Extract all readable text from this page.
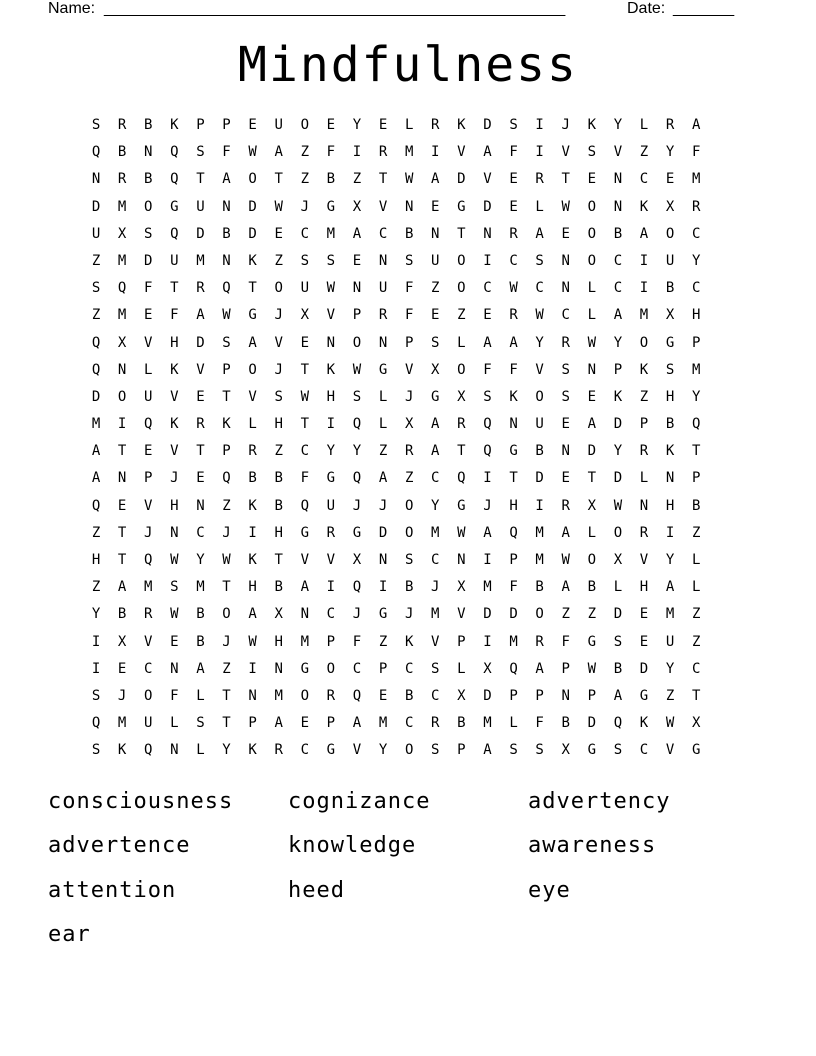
Name: _____________________________________________________	Date: _______
Mindfulness
S	R	B	K	P	P	E	U	O	E	Y	E	L	R	K	D	S	I	J	K	Y	L	R	A
Q	B	N	Q	S	F	W	A	Z	F	I	R	M	I	V	A	F	I	V	S	V	Z	Y	F
N	R	B	Q	T	A	O	T	Z	B	Z	T	W	A	D	V	E	R	T	E	N	C	E	M
D	M	O	G	U	N	D	W	J	G	X	V	N	E	G	D	E	L	W	O	N	K	X	R
U	X	S	Q	D	B	D	E	C	M	A	C	B	N	T	N	R	A	E	O	B	A	O	C
Z	M	D	U	M	N	K	Z	S	S	E	N	S	U	O	I	C	S	N	O	C	I	U	Y
S	Q	F	T	R	Q	T	O	U	W	N	U	F	Z	O	C	W	C	N	L	C	I	B	C
Z	M	E	F	A	W	G	J	X	V	P	R	F	E	Z	E	R	W	C	L	A	M	X	H
Q	X	V	H	D	S	A	V	E	N	O	N	P	S	L	A	A	Y	R	W	Y	O	G	P
Q	N	L	K	V	P	O	J	T	K	W	G	V	X	O	F	F	V	S	N	P	K	S	M
D	O	U	V	E	T	V	S	W	H	S	L	J	G	X	S	K	O	S	E	K	Z	H	Y
M	I	Q	K	R	K	L	H	T	I	Q	L	X	A	R	Q	N	U	E	A	D	P	B	Q
A	T	E	V	T	P	R	Z	C	Y	Y	Z	R	A	T	Q	G	B	N	D	Y	R	K	T
A	N	P	J	E	Q	B	B	F	G	Q	A	Z	C	Q	I	T	D	E	T	D	L	N	P
Q	E	V	H	N	Z	K	B	Q	U	J	J	O	Y	G	J	H	I	R	X	W	N	H	B
Z	T	J	N	C	J	I	H	G	R	G	D	O	M	W	A	Q	M	A	L	O	R	I	Z
H	T	Q	W	Y	W	K	T	V	V	X	N	S	C	N	I	P	M	W	O	X	V	Y	L
Z	A	M	S	M	T	H	B	A	I	Q	I	B	J	X	M	F	B	A	B	L	H	A	L
Y	B	R	W	B	O	A	X	N	C	J	G	J	M	V	D	D	O	Z	Z	D	E	M	Z
I	X	V	E	B	J	W	H	M	P	F	Z	K	V	P	I	M	R	F	G	S	E	U	Z
I	E	C	N	A	Z	I	N	G	O	C	P	C	S	L	X	Q	A	P	W	B	D	Y	C
S	J	O	F	L	T	N	M	O	R	Q	E	B	C	X	D	P	P	N	P	A	G	Z	T
Q	M	U	L	S	T	P	A	E	P	A	M	C	R	B	M	L	F	B	D	Q	K	W	X
S	K	Q	N	L	Y	K	R	C	G	V	Y	O	S	P	A	S	S	X	G	S	C	V	G
consciousness	cognizance	advertency
advertence	knowledge	awareness
attention	heed	eye
ear
